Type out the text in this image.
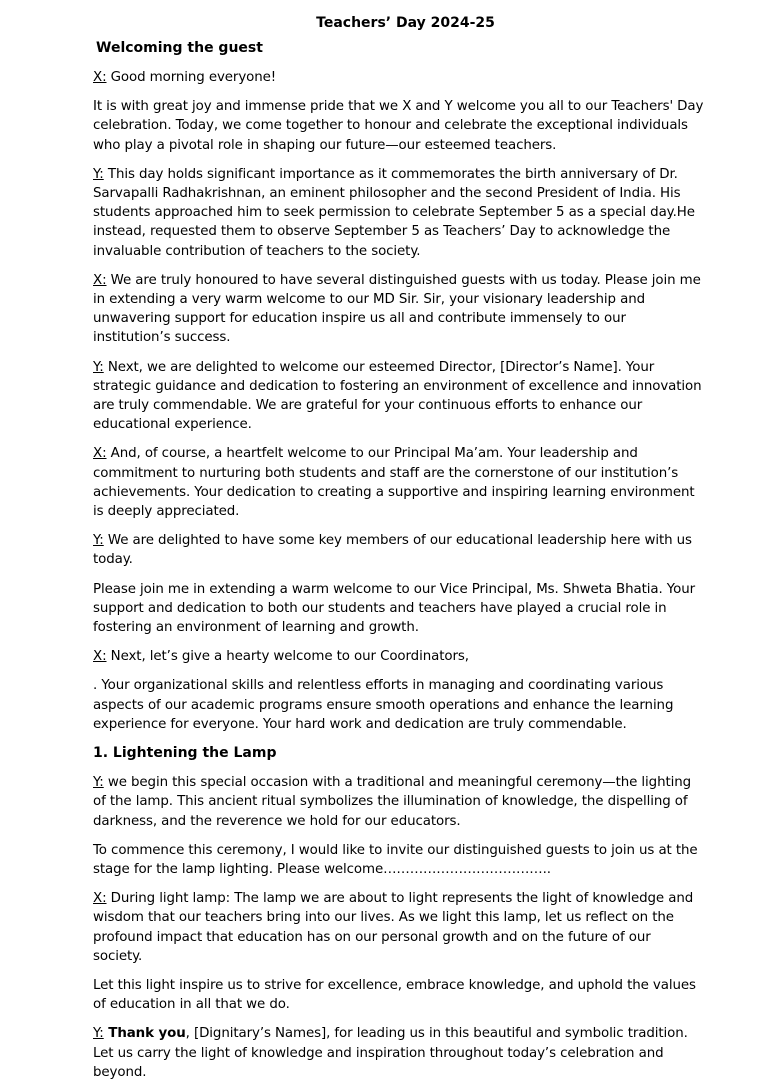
Teachers’ Day 2024-25
Welcoming the guest

X: Good morning everyone!

It is with great joy and immense pride that we X and Y welcome you all to our Teachers' Day celebration. Today, we come together to honour and celebrate the exceptional individuals who play a pivotal role in shaping our future—our esteemed teachers.

Y: This day holds significant importance as it commemorates the birth anniversary of Dr. Sarvapalli Radhakrishnan, an eminent philosopher and the second President of India. His students approached him to seek permission to celebrate September 5 as a special day.He instead, requested them to observe September 5 as Teachers’ Day to acknowledge the invaluable contribution of teachers to the society.

X: We are truly honoured to have several distinguished guests with us today. Please join me in extending a very warm welcome to our MD Sir. Sir, your visionary leadership and unwavering support for education inspire us all and contribute immensely to our institution’s success.

Y: Next, we are delighted to welcome our esteemed Director, [Director’s Name]. Your strategic guidance and dedication to fostering an environment of excellence and innovation are truly commendable. We are grateful for your continuous efforts to enhance our educational experience.

X: And, of course, a heartfelt welcome to our Principal Ma’am. Your leadership and commitment to nurturing both students and staff are the cornerstone of our institution’s achievements. Your dedication to creating a supportive and inspiring learning environment is deeply appreciated.

Y: We are delighted to have some key members of our educational leadership here with us today.

Please join me in extending a warm welcome to our Vice Principal, Ms. Shweta Bhatia. Your support and dedication to both our students and teachers have played a crucial role in fostering an environment of learning and growth.

X: Next, let’s give a hearty welcome to our Coordinators,

. Your organizational skills and relentless efforts in managing and coordinating various aspects of our academic programs ensure smooth operations and enhance the learning experience for everyone. Your hard work and dedication are truly commendable.

1. Lightening the Lamp

Y: we begin this special occasion with a traditional and meaningful ceremony—the lighting of the lamp. This ancient ritual symbolizes the illumination of knowledge, the dispelling of darkness, and the reverence we hold for our educators.

To commence this ceremony, I would like to invite our distinguished guests to join us at the stage for the lamp lighting. Please welcome………………………………..

X: During light lamp: The lamp we are about to light represents the light of knowledge and wisdom that our teachers bring into our lives. As we light this lamp, let us reflect on the profound impact that education has on our personal growth and on the future of our society.

Let this light inspire us to strive for excellence, embrace knowledge, and uphold the values of education in all that we do.

Y: Thank you, [Dignitary’s Names], for leading us in this beautiful and symbolic tradition. Let us carry the light of knowledge and inspiration throughout today’s celebration and beyond.
